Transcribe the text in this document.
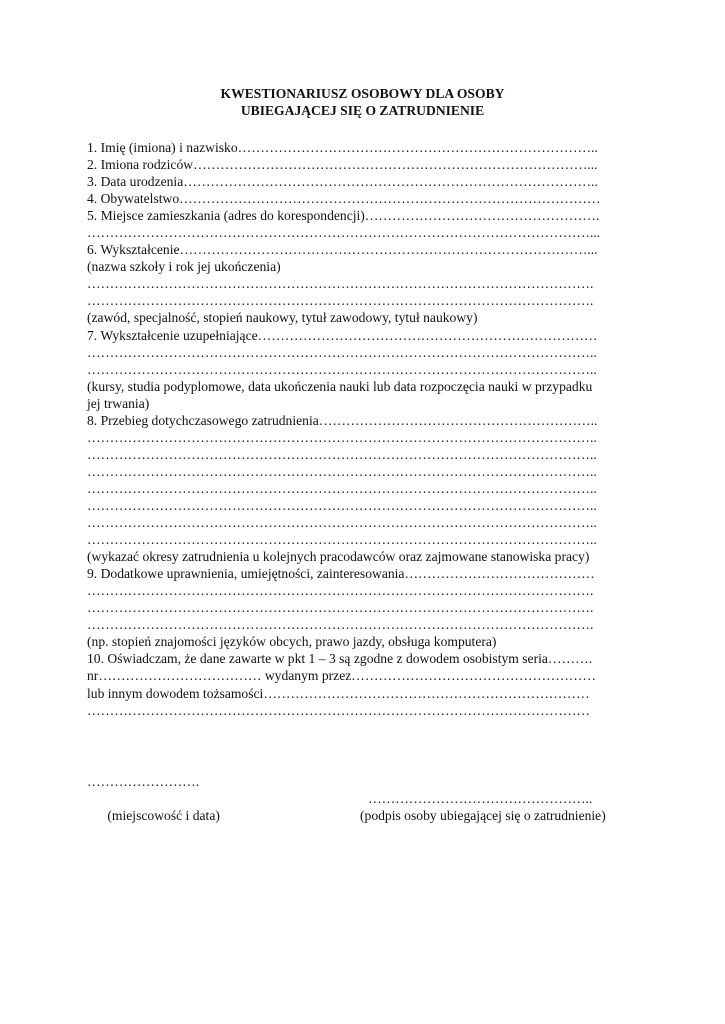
KWESTIONARIUSZ OSOBOWY DLA OSOBY
UBIEGAJĄCEJ SIĘ O ZATRUDNIENIE
1. Imię (imiona) i nazwisko……………………………………………………………………..
2. Imiona rodziców……………………………………………………………………………...
3. Data urodzenia………………………………………………………………………………..
4. Obywatelstwo…………………………………………………………………………………
5. Miejsce zamieszkania (adres do korespondencji)…………………………………………….
…………………………………………………………………………………………………...
6. Wykształcenie………………………………………………………………………………...
(nazwa szkoły i rok jej ukończenia)
………………………………………………………………………………………………….
………………………………………………………………………………………………….
(zawód, specjalność, stopień naukowy, tytuł zawodowy, tytuł naukowy)
7. Wykształcenie uzupełniające…………………………………………………………………
…………………………………………………………………………………………………..
…………………………………………………………………………………………………..
(kursy, studia podyplomowe, data ukończenia nauki lub data rozpoczęcia nauki w przypadku
jej trwania)
8. Przebieg dotychczasowego zatrudnienia……………………………………………………..
…………………………………………………………………………………………………..
…………………………………………………………………………………………………..
…………………………………………………………………………………………………..
…………………………………………………………………………………………………..
…………………………………………………………………………………………………..
…………………………………………………………………………………………………..
…………………………………………………………………………………………………..
(wykazać okresy zatrudnienia u kolejnych pracodawców oraz zajmowane stanowiska pracy)
9. Dodatkowe uprawnienia, umiejętności, zainteresowania……………………………………
………………………………………………………………………………………………….
………………………………………………………………………………………………….
………………………………………………………………………………………………….
(np. stopień znajomości języków obcych, prawo jazdy, obsługa komputera)
10. Oświadczam, że dane zawarte w pkt 1 – 3 są zgodne z dowodem osobistym seria……….
nr……………………………… wydanym przez………………………………………………
lub innym dowodem tożsamości………………………………………………………………
…………………………………………………………………………………………………
…………………….

(miejscowość i data)

…………………………………………..

(podpis osoby ubiegającej się o zatrudnienie)
